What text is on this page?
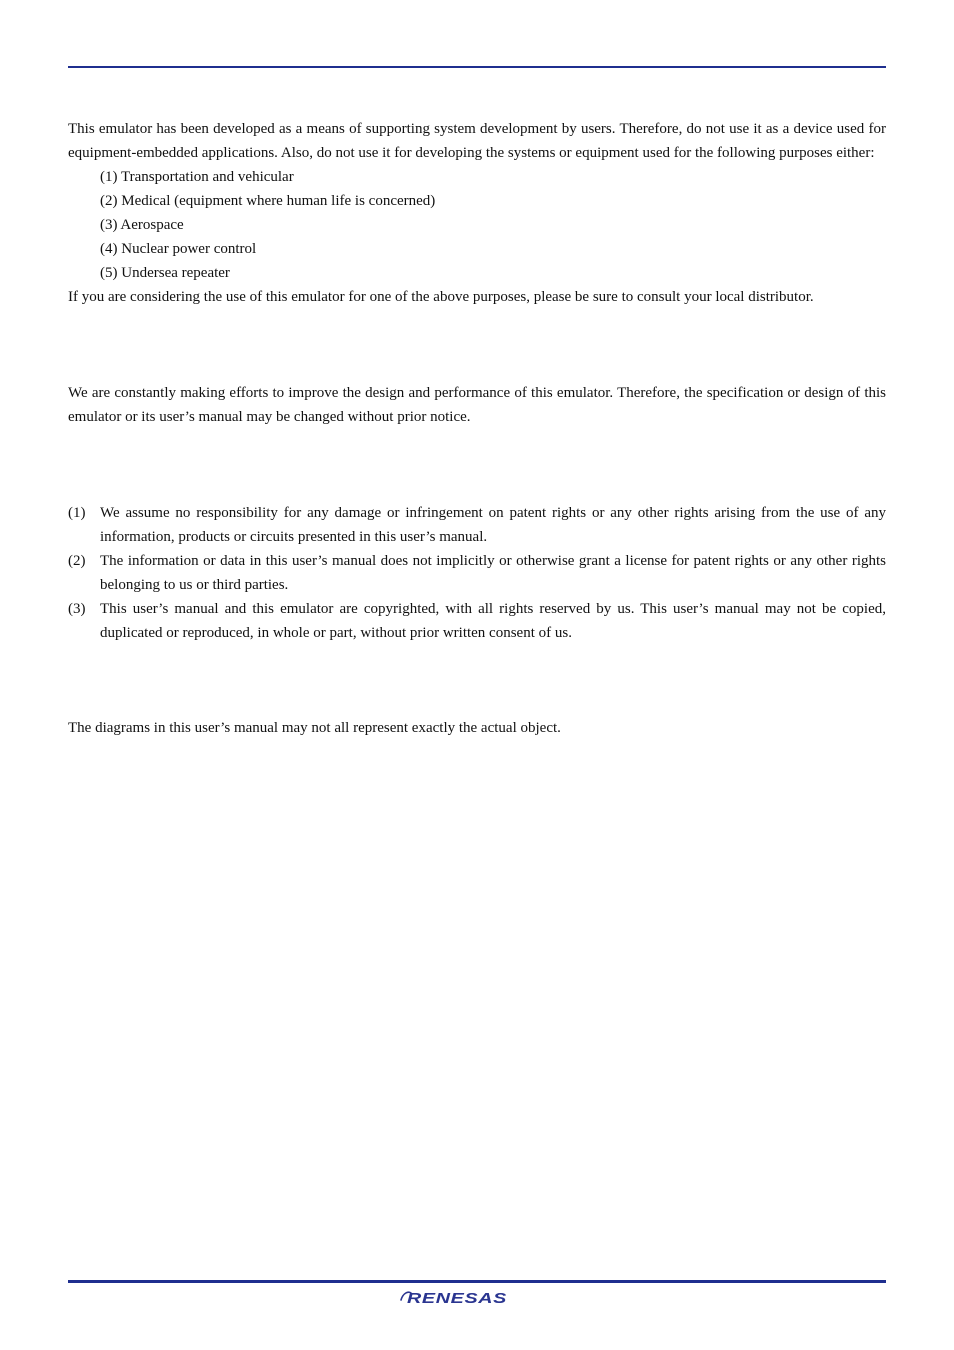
This emulator has been developed as a means of supporting system development by users. Therefore, do not use it as a device used for equipment-embedded applications. Also, do not use it for developing the systems or equipment used for the following purposes either:

(1) Transportation and vehicular
(2) Medical (equipment where human life is concerned)
(3) Aerospace
(4) Nuclear power control
(5) Undersea repeater

If you are considering the use of this emulator for one of the above purposes, please be sure to consult your local distributor.

We are constantly making efforts to improve the design and performance of this emulator. Therefore, the specification or design of this emulator or its user’s manual may be changed without prior notice.

(1) We assume no responsibility for any damage or infringement on patent rights or any other rights arising from the use of any information, products or circuits presented in this user’s manual.
(2) The information or data in this user’s manual does not implicitly or otherwise grant a license for patent rights or any other rights belonging to us or third parties.
(3) This user’s manual and this emulator are copyrighted, with all rights reserved by us. This user’s manual may not be copied, duplicated or reproduced, in whole or part, without prior written consent of us.

The diagrams in this user’s manual may not all represent exactly the actual object.

RENESAS
